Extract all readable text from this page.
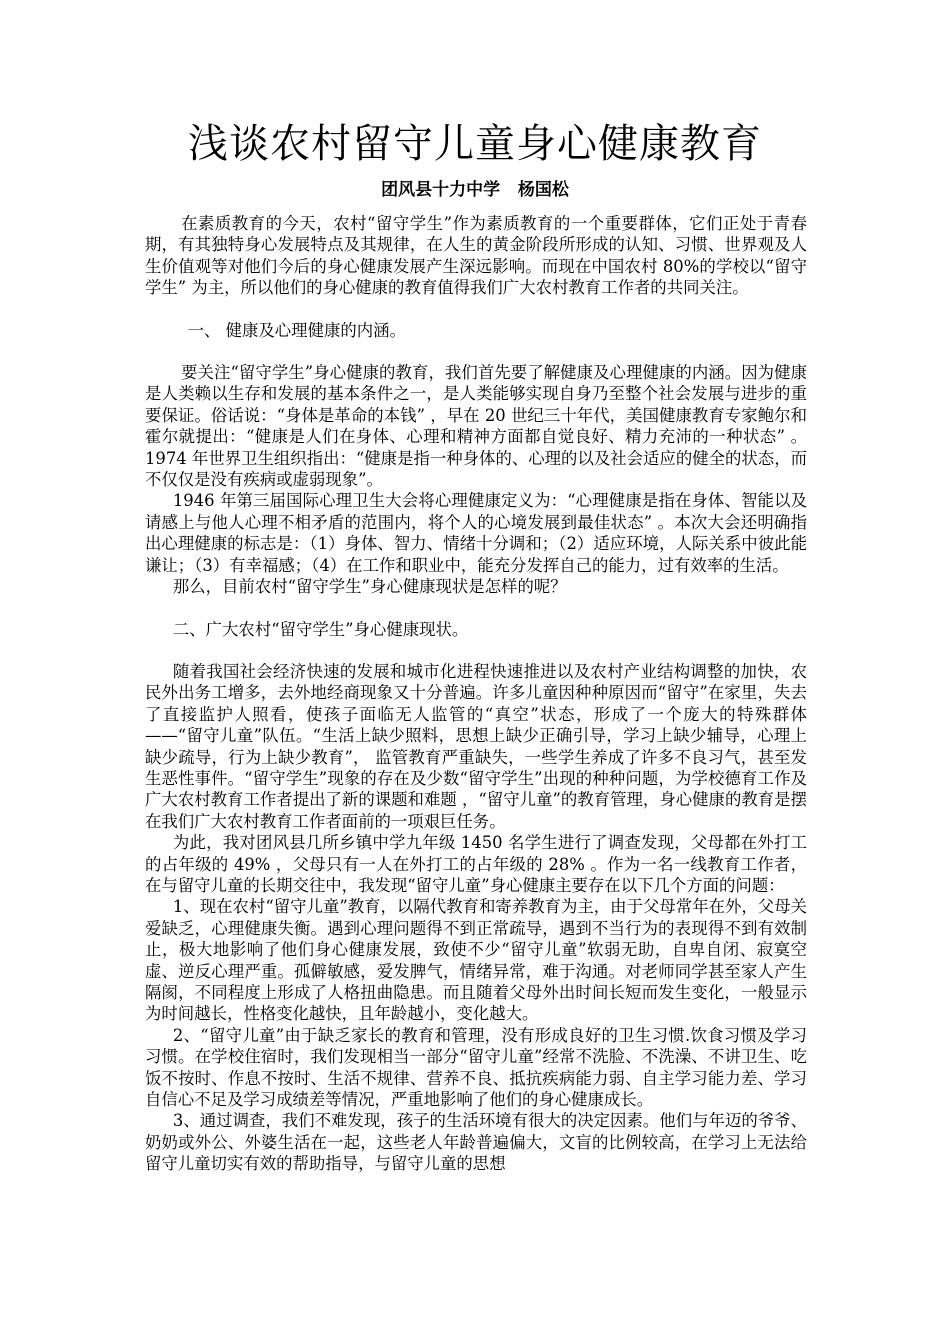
浅谈农村留守儿童身心健康教育
团风县十力中学   杨国松

在素质教育的今天，农村“留守学生”作为素质教育的一个重要群体，它们正处于青春期，有其独特身心发展特点及其规律，在人生的黄金阶段所形成的认知、习惯、世界观及人生价值观等对他们今后的身心健康发展产生深远影响。而现在中国农村 80%的学校以“留守学生” 为主，所以他们的身心健康的教育值得我们广大农村教育工作者的共同关注。

一、 健康及心理健康的内涵。

要关注“留守学生”身心健康的教育，我们首先要了解健康及心理健康的内涵。因为健康是人类赖以生存和发展的基本条件之一，是人类能够实现自身乃至整个社会发展与进步的重要保证。俗话说：“身体是革命的本钱” ，早在 20 世纪三十年代，美国健康教育专家鲍尔和霍尔就提出：“健康是人们在身体、心理和精神方面都自觉良好、精力充沛的一种状态” 。1974 年世界卫生组织指出：“健康是指一种身体的、心理的以及社会适应的健全的状态，而不仅仅是没有疾病或虚弱现象”。

1946 年第三届国际心理卫生大会将心理健康定义为：“心理健康是指在身体、智能以及请感上与他人心理不相矛盾的范围内，将个人的心境发展到最佳状态” 。本次大会还明确指出心理健康的标志是：（1）身体、智力、情绪十分调和；（2）适应环境，人际关系中彼此能谦让；（3）有幸福感；（4）在工作和职业中，能充分发挥自己的能力，过有效率的生活。

那么，目前农村“留守学生”身心健康现状是怎样的呢？

二、广大农村“留守学生”身心健康现状。

随着我国社会经济快速的发展和城市化进程快速推进以及农村产业结构调整的加快，农民外出务工增多，去外地经商现象又十分普遍。许多儿童因种种原因而“留守”在家里，失去了直接监护人照看，使孩子面临无人监管的“真空”状态，形成了一个庞大的特殊群体 ——“留守儿童”队伍。“生活上缺少照料，思想上缺少正确引导，学习上缺少辅导，心理上缺少疏导，行为上缺少教育”， 监管教育严重缺失，一些学生养成了许多不良习气，甚至发生恶性事件。“留守学生”现象的存在及少数“留守学生”出现的种种问题，为学校德育工作及广大农村教育工作者提出了新的课题和难题 ，“留守儿童”的教育管理，身心健康的教育是摆在我们广大农村教育工作者面前的一项艰巨任务。

为此，我对团风县几所乡镇中学九年级 1450 名学生进行了调查发现，父母都在外打工的占年级的 49% ，父母只有一人在外打工的占年级的 28% 。作为一名一线教育工作者，在与留守儿童的长期交往中，我发现“留守儿童”身心健康主要存在以下几个方面的问题：

1、现在农村“留守儿童”教育，以隔代教育和寄养教育为主，由于父母常年在外，父母关爱缺乏，心理健康失衡。遇到心理问题得不到正常疏导，遇到不当行为的表现得不到有效制止，极大地影响了他们身心健康发展，致使不少“留守儿童”软弱无助，自卑自闭、寂寞空虚、逆反心理严重。孤僻敏感，爱发脾气，情绪异常，难于沟通。对老师同学甚至家人产生隔阂，不同程度上形成了人格扭曲隐患。而且随着父母外出时间长短而发生变化，一般显示为时间越长，性格变化越快，且年龄越小，变化越大。

2、“留守儿童”由于缺乏家长的教育和管理，没有形成良好的卫生习惯.饮食习惯及学习习惯。在学校住宿时，我们发现相当一部分“留守儿童”经常不洗脸、不洗澡、不讲卫生、吃饭不按时、作息不按时、生活不规律、营养不良、抵抗疾病能力弱、自主学习能力差、学习自信心不足及学习成绩差等情况，严重地影响了他们的身心健康成长。

3、通过调查，我们不难发现，孩子的生活环境有很大的决定因素。他们与年迈的爷爷、奶奶或外公、外婆生活在一起，这些老人年龄普遍偏大，文盲的比例较高，在学习上无法给留守儿童切实有效的帮助指导，与留守儿童的思想
